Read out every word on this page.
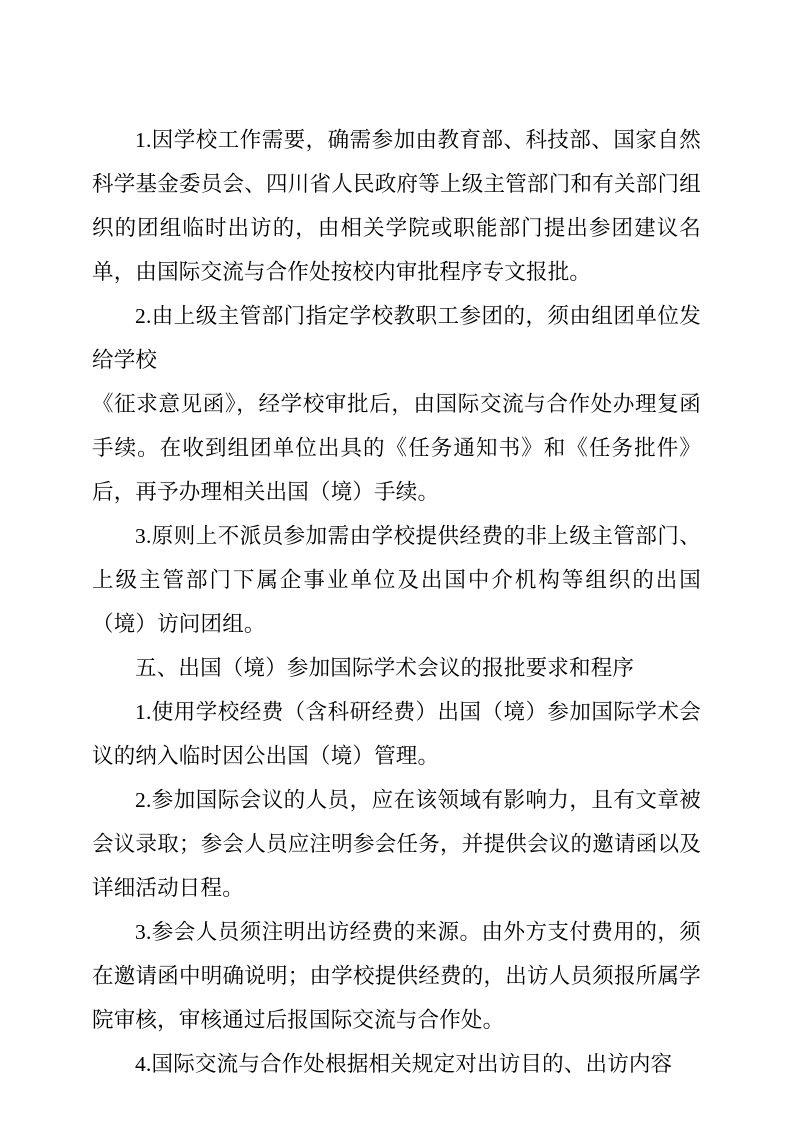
1.因学校工作需要，确需参加由教育部、科技部、国家自然科学基金委员会、四川省人民政府等上级主管部门和有关部门组织的团组临时出访的，由相关学院或职能部门提出参团建议名单，由国际交流与合作处按校内审批程序专文报批。

2.由上级主管部门指定学校教职工参团的，须由组团单位发给学校

《征求意见函》，经学校审批后，由国际交流与合作处办理复函手续。在收到组团单位出具的《任务通知书》和《任务批件》后，再予办理相关出国（境）手续。

3.原则上不派员参加需由学校提供经费的非上级主管部门、上级主管部门下属企事业单位及出国中介机构等组织的出国（境）访问团组。

五、出国（境）参加国际学术会议的报批要求和程序

1.使用学校经费（含科研经费）出国（境）参加国际学术会议的纳入临时因公出国（境）管理。

2.参加国际会议的人员，应在该领域有影响力，且有文章被会议录取；参会人员应注明参会任务，并提供会议的邀请函以及详细活动日程。

3.参会人员须注明出访经费的来源。由外方支付费用的，须在邀请函中明确说明；由学校提供经费的，出访人员须报所属学院审核，审核通过后报国际交流与合作处。

4.国际交流与合作处根据相关规定对出访目的、出访内容
